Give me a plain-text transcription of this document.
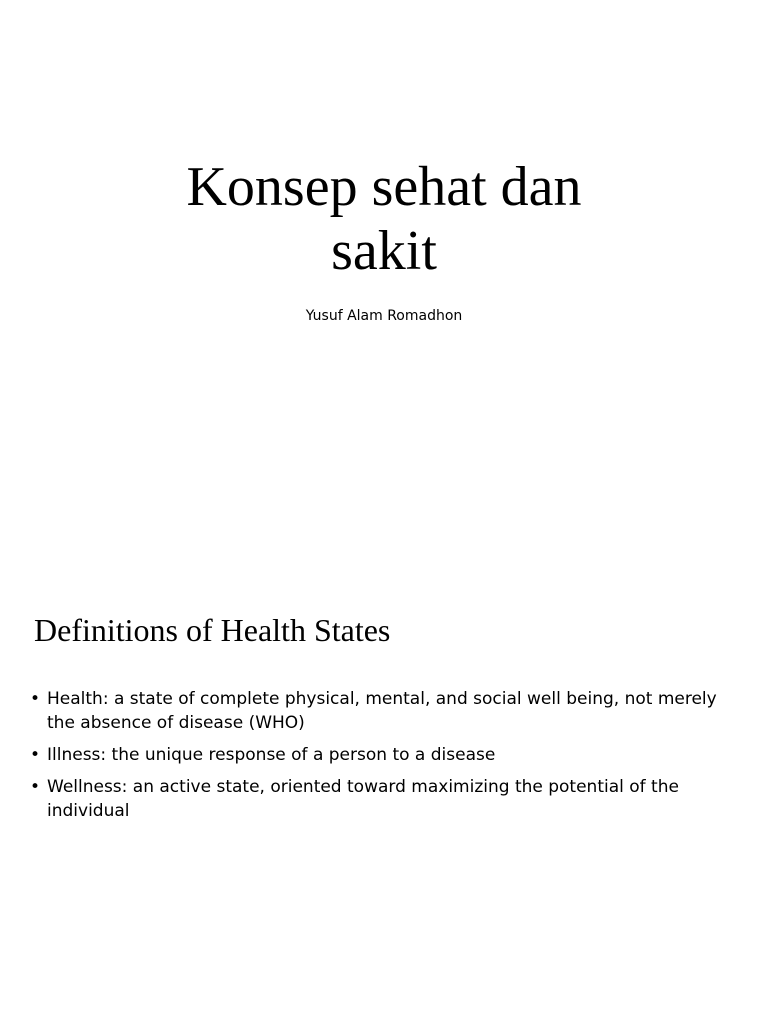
Konsep sehat dan
sakit

Yusuf Alam Romadhon

Definitions of Health States
• Health: a state of complete physical, mental, and social well being, not merely the absence of disease (WHO)
• Illness: the unique response of a person to a disease
• Wellness: an active state, oriented toward maximizing the potential of the individual
